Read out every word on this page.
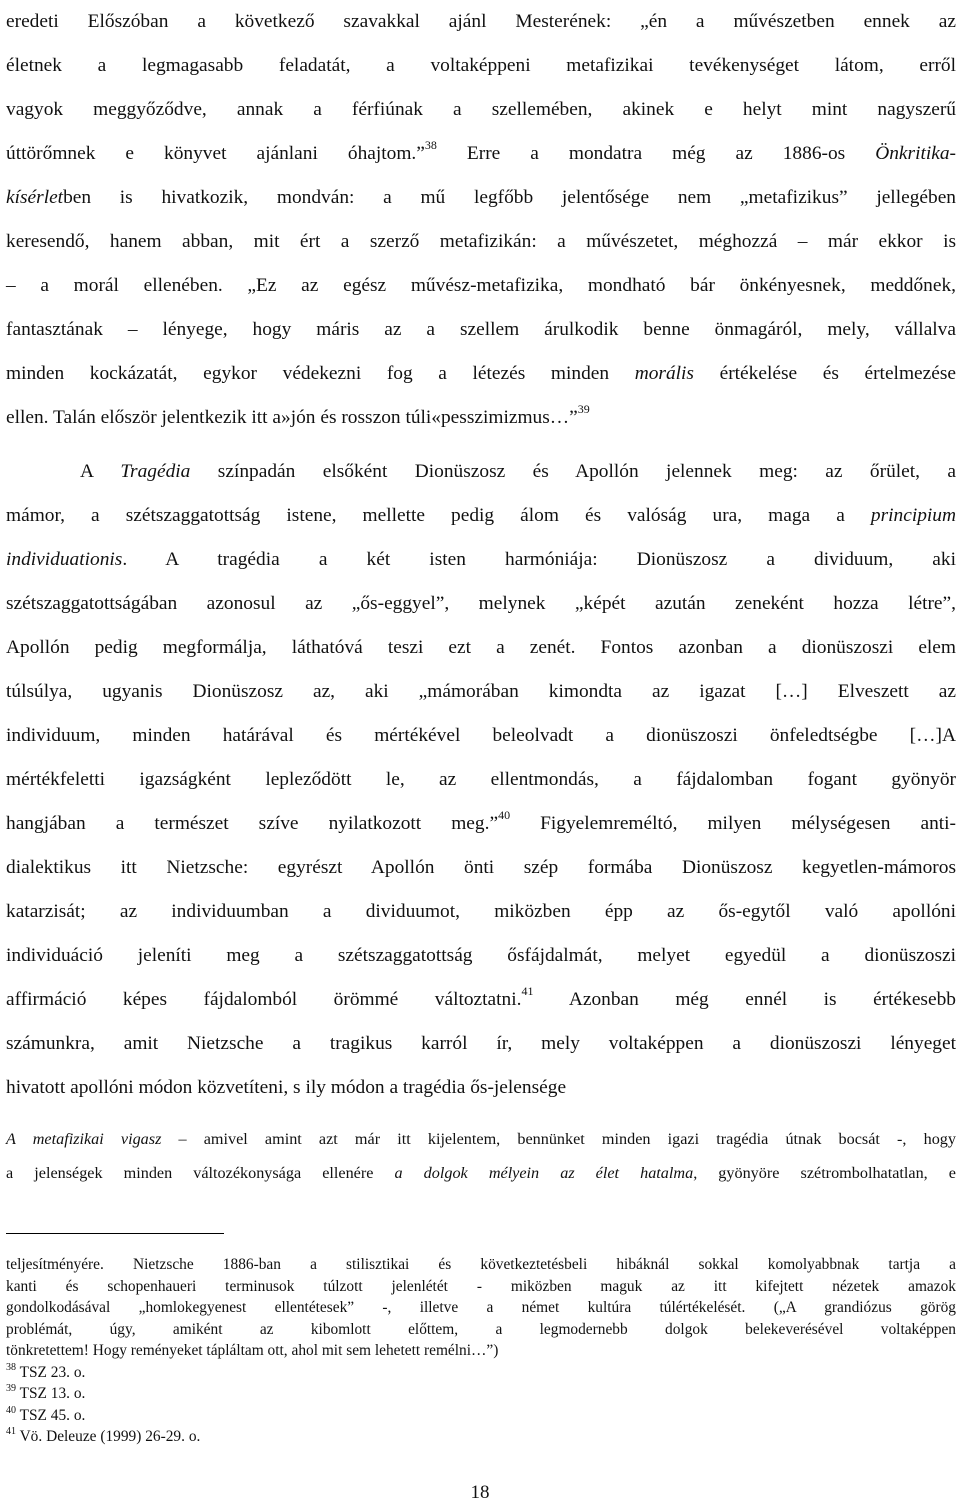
eredeti Előszóban a következő szavakkal ajánl Mesterének: „én a művészetben ennek az
életnek a legmagasabb feladatát, a voltaképpeni metafizikai tevékenységet látom, erről
vagyok meggyőződve, annak a férfiúnak a szellemében, akinek e helyt mint nagyszerű
úttörőmnek e könyvet ajánlani óhajtom.”$^{38}$ Erre a mondatra még az 1886-os Önkritika-
kísérletben is hivatkozik, mondván: a mű legfőbb jelentősége nem „metafizikus” jellegében
keresendő, hanem abban, mit ért a szerző metafizikán: a művészetet, méghozzá – már ekkor is
– a morál ellenében. „Ez az egész művész-metafizika, mondható bár önkényesnek, meddőnek,
fantasztának – lényege, hogy máris az a szellem árulkodik benne önmagáról, mely, vállalva
minden kockázatát, egykor védekezni fog a létezés minden morális értékelése és értelmezése
ellen. Talán először jelentkezik itt a»jón és rosszon túli«pesszimizmus…”$^{39}$
A Tragédia színpadán elsőként Dionüszosz és Apollón jelennek meg: az őrület, a
mámor, a szétszaggatottság istene, mellette pedig álom és valóság ura, maga a principium
individuationis. A tragédia a két isten harmóniája: Dionüszosz a dividuum, aki
szétszaggatottságában azonosul az „ős-eggyel”, melynek „képét azután zeneként hozza létre”,
Apollón pedig megformálja, láthatóvá teszi ezt a zenét. Fontos azonban a dionüszoszi elem
túlsúlya, ugyanis Dionüszosz az, aki „mámorában kimondta az igazat […] Elveszett az
individuum, minden határával és mértékével beleolvadt a dionüszoszi önfeledtségbe […]A
mértékfeletti igazságként lepleződött le, az ellentmondás, a fájdalomban fogant gyönyör
hangjában a természet szíve nyilatkozott meg.”$^{40}$ Figyelemreméltó, milyen mélységesen anti-
dialektikus itt Nietzsche: egyrészt Apollón önti szép formába Dionüszosz kegyetlen-mámoros
katarzisát; az individuumban a dividuumot, miközben épp az ős-egytől való apollóni
individuáció jeleníti meg a szétszaggatottság ősfájdalmát, melyet egyedül a dionüszoszi
affirmáció képes fájdalomból örömmé változtatni.$^{41}$ Azonban még ennél is értékesebb
számunkra, amit Nietzsche a tragikus karról ír, mely voltaképpen a dionüszoszi lényeget
hivatott apollóni módon közvetíteni, s ily módon a tragédia ős-jelensége
A metafizikai vigasz – amivel amint azt már itt kijelentem, bennünket minden igazi tragédia útnak bocsát -, hogy
a jelenségek minden változékonysága ellenére a dolgok mélyein az élet hatalma, gyönyöre szétrombolhatatlan, e
teljesítményére. Nietzsche 1886-ban a stilisztikai és következtetésbeli hibáknál sokkal komolyabbnak tartja a
kanti és schopenhaueri terminusok túlzott jelenlétét - miközben maguk az itt kifejtett nézetek amazok
gondolkodásával „homlokegyenest ellentétesek” -, illetve a német kultúra túlértékelését. („A grandiózus görög
problémát, úgy, amiként az kibomlott előttem, a legmodernebb dolgok belekeverésével voltaképpen
tönkretettem! Hogy reményeket tápláltam ott, ahol mit sem lehetett remélni…”)
$^{38}$ TSZ 23. o.
$^{39}$ TSZ 13. o.
$^{40}$ TSZ 45. o.
$^{41}$ Vö. Deleuze (1999) 26-29. o.
18
